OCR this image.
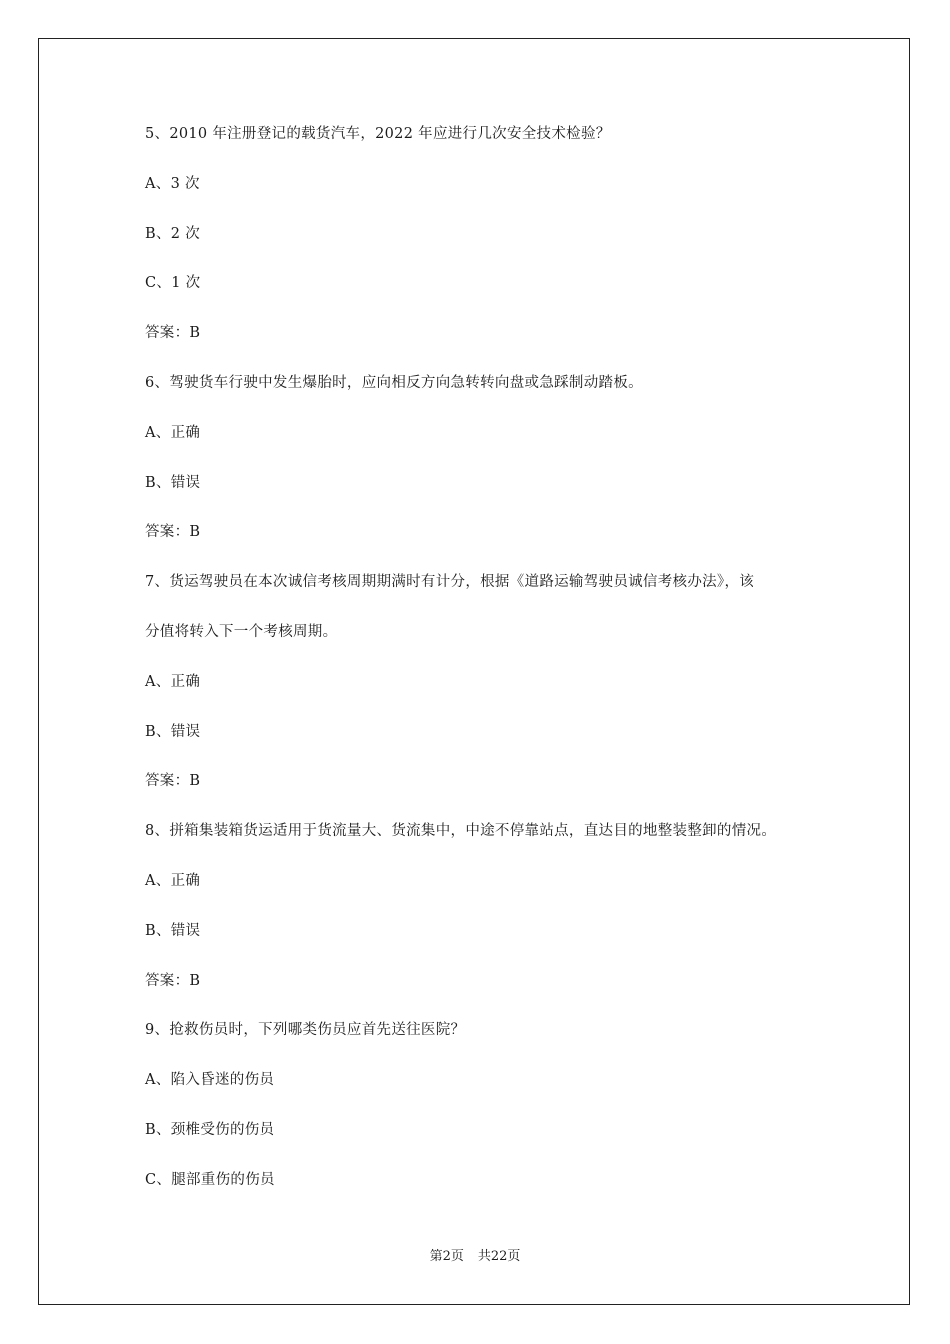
5、2010 年注册登记的载货汽车，2022 年应进行几次安全技术检验？
A、3 次
B、2 次
C、1 次
答案：B
6、驾驶货车行驶中发生爆胎时，应向相反方向急转转向盘或急踩制动踏板。
A、正确
B、错误
答案：B
7、货运驾驶员在本次诚信考核周期期满时有计分，根据《道路运输驾驶员诚信考核办法》，该
分值将转入下一个考核周期。
A、正确
B、错误
答案：B
8、拼箱集装箱货运适用于货流量大、货流集中，中途不停靠站点，直达目的地整装整卸的情况。
A、正确
B、错误
答案：B
9、抢救伤员时，下列哪类伤员应首先送往医院？
A、陷入昏迷的伤员
B、颈椎受伤的伤员
C、腿部重伤的伤员
第2页 共22页
